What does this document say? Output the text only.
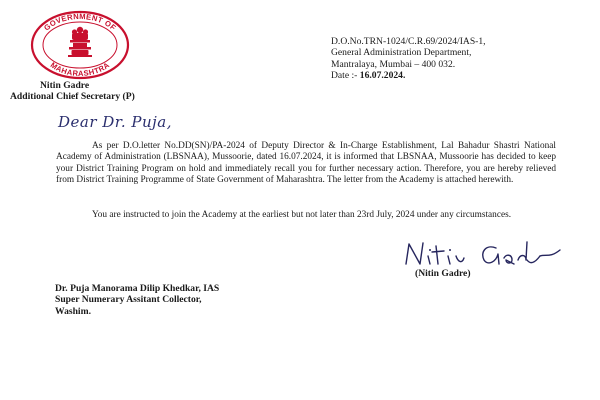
GOVERNMENT OF
MAHARASHTRA
Nitin Gadre
Additional Chief Secretary (P)
D.O.No.TRN-1024/C.R.69/2024/IAS-1,
General Administration Department,
Mantralaya, Mumbai – 400 032.
Date :- 16.07.2024.
Dear Dr. Puja,
As per D.O.letter No.DD(SN)/PA-2024 of Deputy Director & In-Charge Establishment, Lal Bahadur Shastri National Academy of Administration (LBSNAA), Mussoorie, dated 16.07.2024, it is informed that LBSNAA, Mussoorie has decided to keep your District Training Program on hold and immediately recall you for further necessary action. Therefore, you are hereby relieved from District Training Programme of State Government of Maharashtra. The letter from the Academy is attached herewith.
You are instructed to join the Academy at the earliest but not later than 23rd July, 2024 under any circumstances.
(Nitin Gadre)
Dr. Puja Manorama Dilip Khedkar, IAS
Super Numerary Assitant Collector,
Washim.
